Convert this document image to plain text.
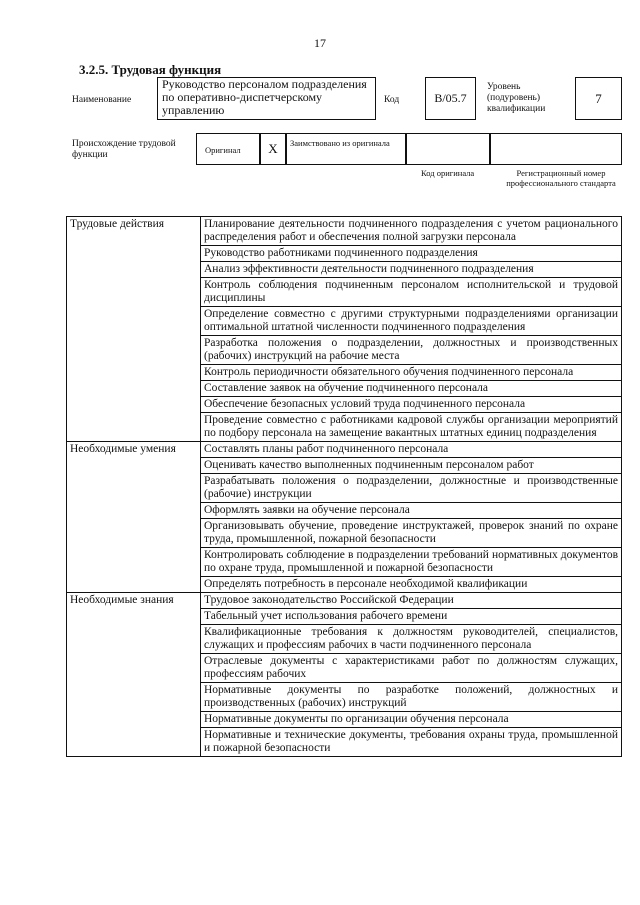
17
3.2.5. Трудовая функция
Наименование
Руководство персоналом подразделения по оперативно-диспетчерскому управлению
Код	B/05.7
Уровень (подуровень) квалификации
7
Происхождение трудовой функции	Оригинал	X	Заимствовано из оригинала
Код оригинала	Регистрационный номер профессионального стандарта
Трудовые действия	Планирование деятельности подчиненного подразделения с учетом рационального распределения работ и обеспечения полной загрузки персонала
	Руководство работниками подчиненного подразделения
	Анализ эффективности деятельности подчиненного подразделения
	Контроль соблюдения подчиненным персоналом исполнительской и трудовой дисциплины
	Определение совместно с другими структурными подразделениями организации оптимальной штатной численности подчиненного подразделения
	Разработка положения о подразделении, должностных и производственных (рабочих) инструкций на рабочие места
	Контроль периодичности обязательного обучения подчиненного персонала
	Составление заявок на обучение подчиненного персонала
	Обеспечение безопасных условий труда подчиненного персонала
	Проведение совместно с работниками кадровой службы организации мероприятий по подбору персонала на замещение вакантных штатных единиц подразделения
Необходимые умения	Составлять планы работ подчиненного персонала
	Оценивать качество выполненных подчиненным персоналом работ
	Разрабатывать положения о подразделении, должностные и производственные (рабочие) инструкции
	Оформлять заявки на обучение персонала
	Организовывать обучение, проведение инструктажей, проверок знаний по охране труда, промышленной, пожарной безопасности
	Контролировать соблюдение в подразделении требований нормативных документов по охране труда, промышленной и пожарной безопасности
	Определять потребность в персонале необходимой квалификации
Необходимые знания	Трудовое законодательство Российской Федерации
	Табельный учет использования рабочего времени
	Квалификационные требования к должностям руководителей, специалистов, служащих и профессиям рабочих в части подчиненного персонала
	Отраслевые документы с характеристиками работ по должностям служащих, профессиям рабочих
	Нормативные документы по разработке положений, должностных и производственных (рабочих) инструкций
	Нормативные документы по организации обучения персонала
	Нормативные и технические документы, требования охраны труда, промышленной и пожарной безопасности
